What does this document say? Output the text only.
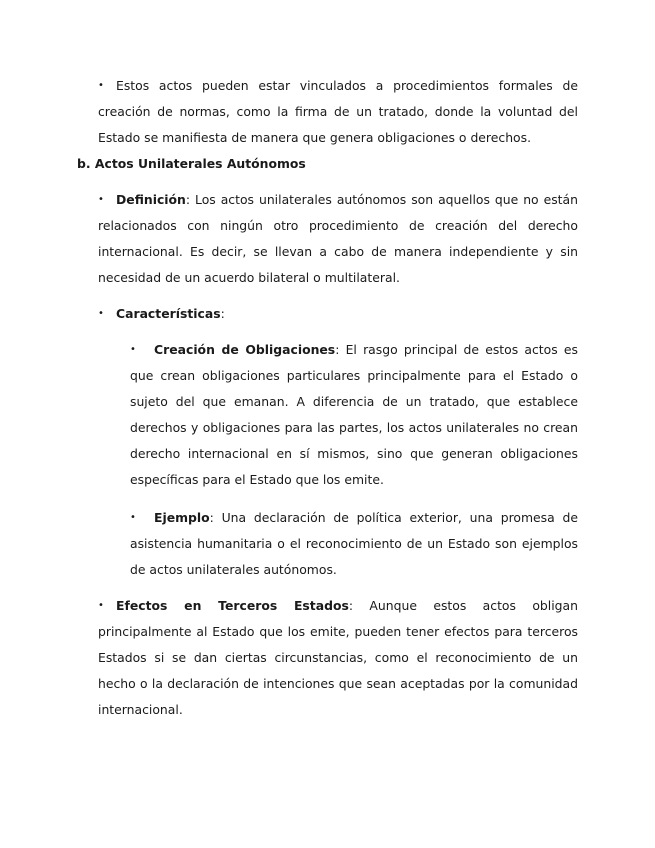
• Estos actos pueden estar vinculados a procedimientos formales de creación de normas, como la firma de un tratado, donde la voluntad del Estado se manifiesta de manera que genera obligaciones o derechos.
b. Actos Unilaterales Autónomos
• Definición: Los actos unilaterales autónomos son aquellos que no están relacionados con ningún otro procedimiento de creación del derecho internacional. Es decir, se llevan a cabo de manera independiente y sin necesidad de un acuerdo bilateral o multilateral.
• Características:
• Creación de Obligaciones: El rasgo principal de estos actos es que crean obligaciones particulares principalmente para el Estado o sujeto del que emanan. A diferencia de un tratado, que establece derechos y obligaciones para las partes, los actos unilaterales no crean derecho internacional en sí mismos, sino que generan obligaciones específicas para el Estado que los emite.
• Ejemplo: Una declaración de política exterior, una promesa de asistencia humanitaria o el reconocimiento de un Estado son ejemplos de actos unilaterales autónomos.
• Efectos en Terceros Estados: Aunque estos actos obligan principalmente al Estado que los emite, pueden tener efectos para terceros Estados si se dan ciertas circunstancias, como el reconocimiento de un hecho o la declaración de intenciones que sean aceptadas por la comunidad internacional.
